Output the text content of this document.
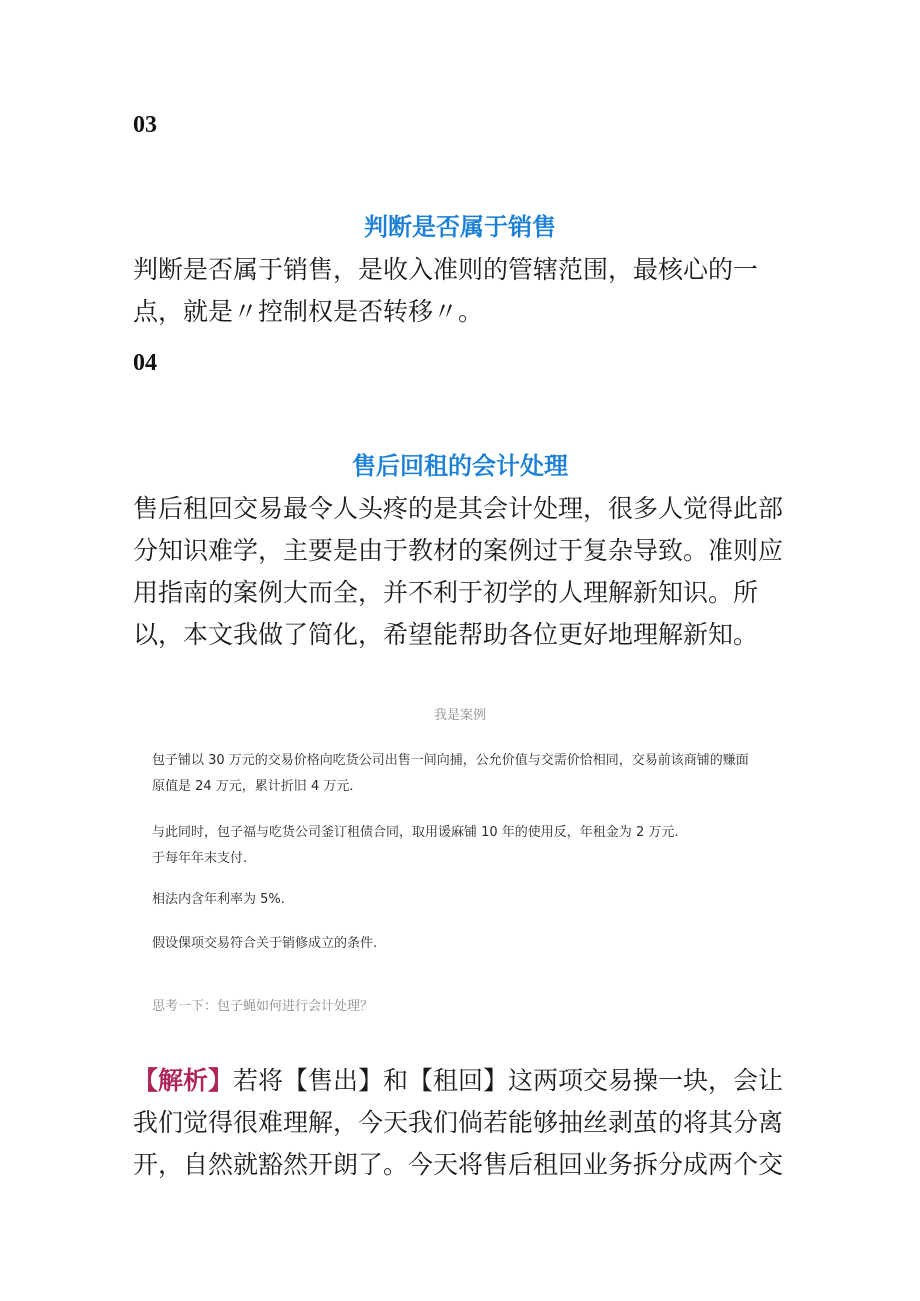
03
判断是否属于销售
判断是否属于销售，是收入准则的管辖范围，最核心的一
点，就是〃控制权是否转移〃。
04
售后回租的会计处理
售后租回交易最令人头疼的是其会计处理，很多人觉得此部
分知识难学，主要是由于教材的案例过于复杂导致。准则应
用指南的案例大而全，并不利于初学的人理解新知识。所
以，本文我做了简化，希望能帮助各位更好地理解新知。
我是案例
包子铺以 30 万元的交易价格向吃货公司出售一间向捕，公允价值与交需价恰相同，交易前该商铺的赚面
原值是 24 万元，累计折旧 4 万元.
与此同时，包子福与吃货公司釜订租债合同，取用谖麻铺 10 年的使用反，年租金为 2 万元.
于每年年末支付.
相法内含年利率为 5%.
假设倮项交易符合关于销修成立的条件.
思考一下：包子蝇如何进行会计处理？
【解析】若将【售出】和【租回】这两项交易操一块，会让
我们觉得很难理解，今天我们倘若能够抽丝剥茧的将其分离
开，自然就豁然开朗了。今天将售后租回业务拆分成两个交
